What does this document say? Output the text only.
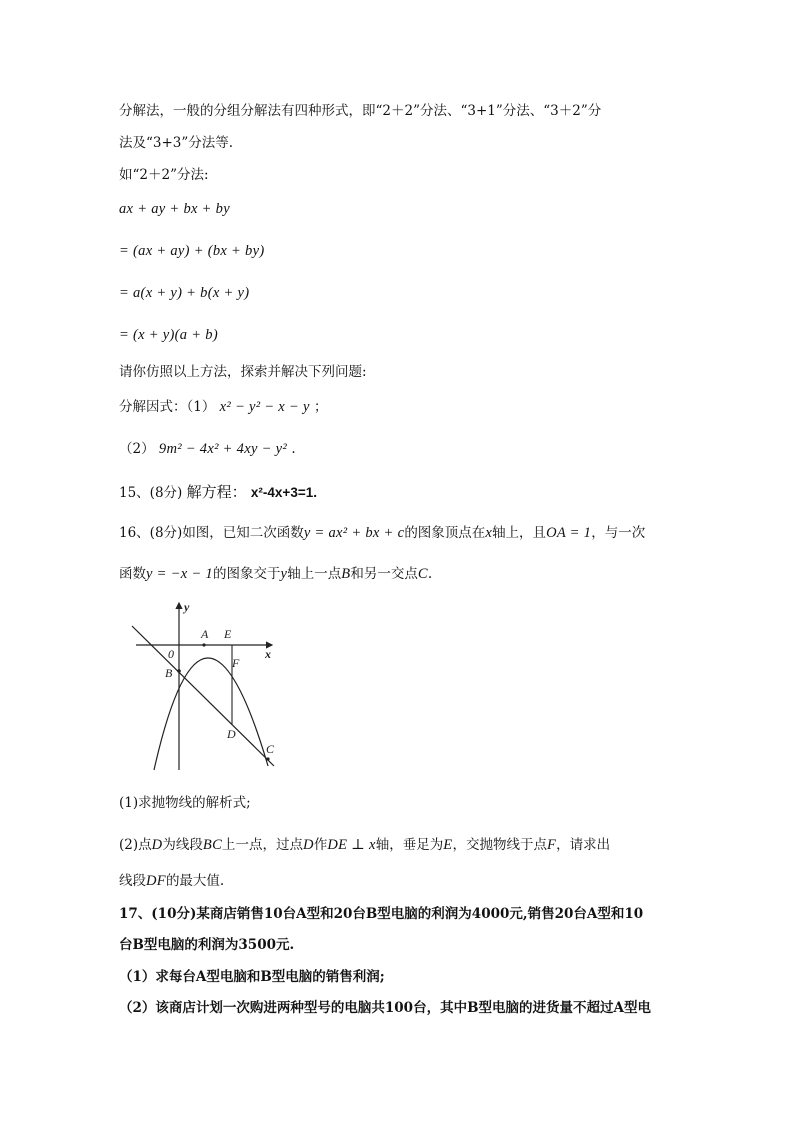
分解法，一般的分组分解法有四种形式，即“2＋2”分法、“3+1”分法、“3＋2”分
法及“3+3”分法等.
如“2＋2”分法:
ax + ay + bx + by
= (ax + ay) + (bx + by)
= a(x + y) + b(x + y)
= (x + y)(a + b)
请你仿照以上方法，探索并解决下列问题:
分解因式：（1） x² − y² − x − y ；
（2） 9m² − 4x² + 4xy − y² .
15、(8分) 解方程： x²-4x+3=1.
16、(8分)如图，已知二次函数y = ax² + bx + c的图象顶点在x轴上，且OA = 1，与一次
函数y = −x − 1的图象交于y轴上一点B和另一交点C.
y
x
0
A E
F
B
D
C
(1)求抛物线的解析式;
(2)点D为线段BC上一点，过点D作DE ⊥ x轴，垂足为E，交抛物线于点F，请求出
线段DF的最大值.
17、(10分)某商店销售10台A型和20台B型电脑的利润为4000元,销售20台A型和10
台B型电脑的利润为3500元.
（1）求每台A型电脑和B型电脑的销售利润;
（2）该商店计划一次购进两种型号的电脑共100台，其中B型电脑的进货量不超过A型电
